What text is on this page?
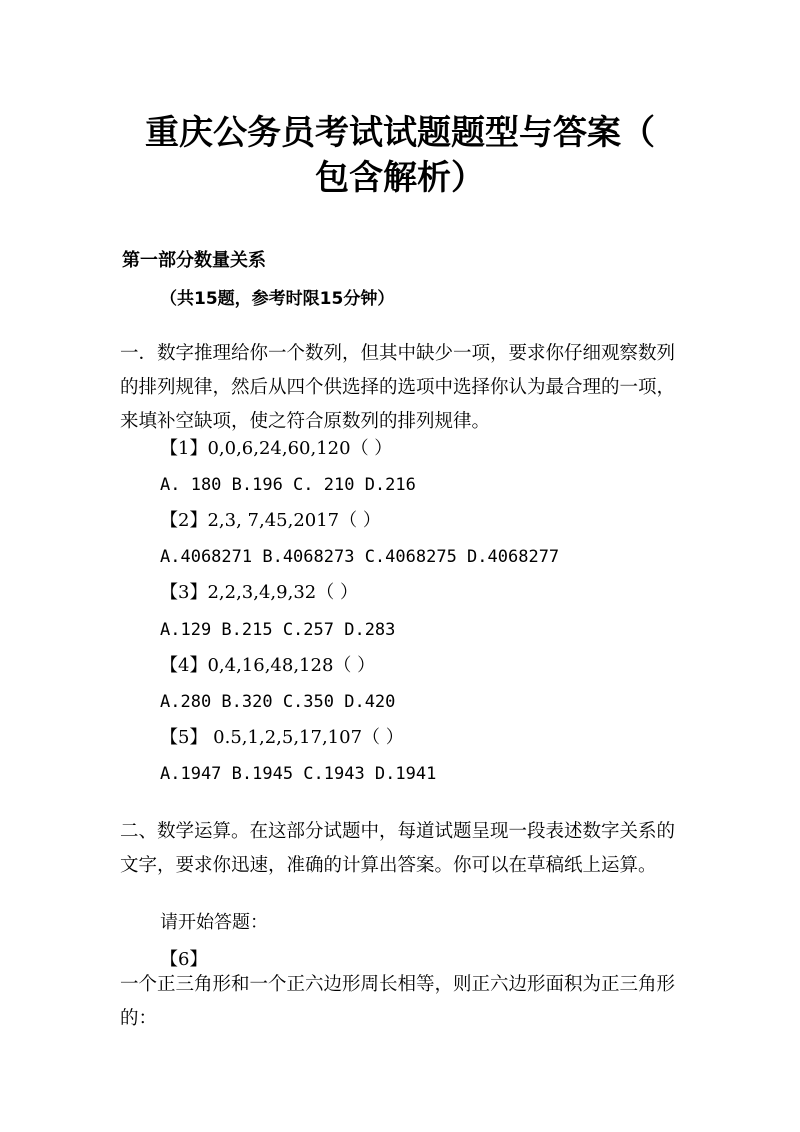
重庆公务员考试试题题型与答案（
包含解析）
第一部分数量关系
（共15题，参考时限15分钟）
一．数字推理给你一个数列，但其中缺少一项，要求你仔细观察数列的排列规律，然后从四个供选择的选项中选择你认为最合理的一项，来填补空缺项，使之符合原数列的排列规律。
【1】0,0,6,24,60,120（ ）
A. 180 B.196 C. 210 D.216
【2】2,3, 7,45,2017（ ）
A.4068271 B.4068273 C.4068275 D.4068277
【3】2,2,3,4,9,32（ ）
A.129 B.215 C.257 D.283
【4】0,4,16,48,128（ ）
A.280 B.320 C.350 D.420
【5】 0.5,1,2,5,17,107（ ）
A.1947 B.1945 C.1943 D.1941
二、数学运算。在这部分试题中，每道试题呈现一段表述数字关系的文字，要求你迅速，准确的计算出答案。你可以在草稿纸上运算。
请开始答题：
【6】
一个正三角形和一个正六边形周长相等，则正六边形面积为正三角形的：
